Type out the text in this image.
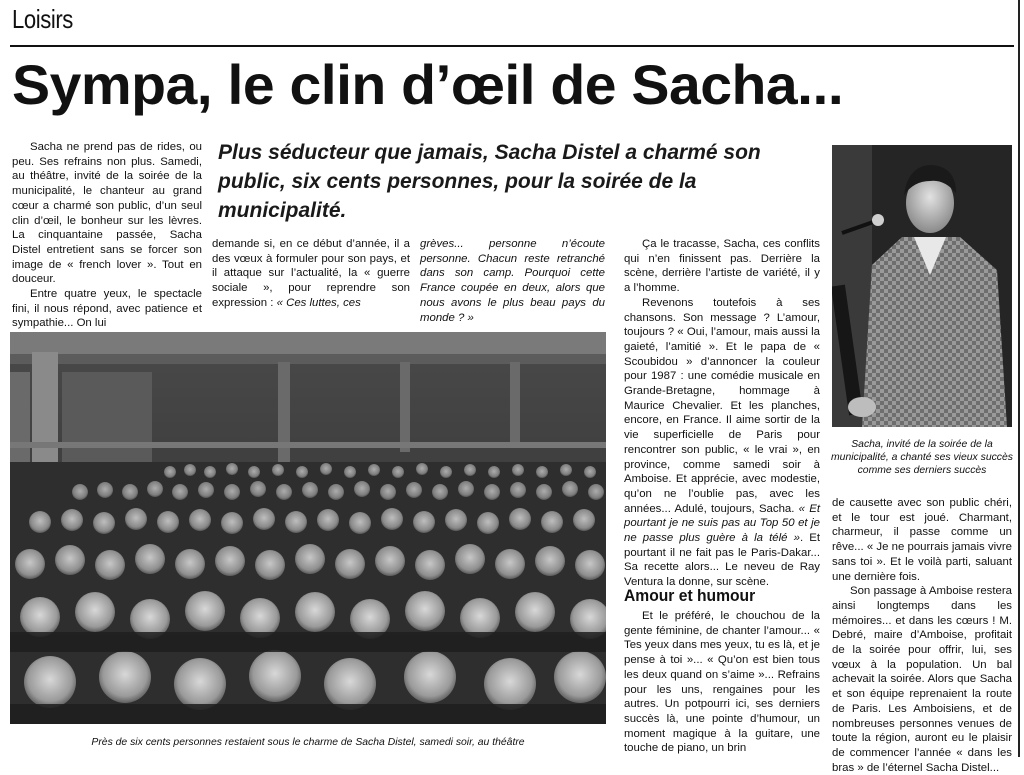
Loisirs
Sympa, le clin d’œil de Sacha...

Sacha ne prend pas de rides, ou peu. Ses refrains non plus. Samedi, au théâtre, invité de la soirée de la municipalité, le chanteur au grand cœur a charmé son public, d’un seul clin d’œil, le bonheur sur les lèvres. La cinquantaine passée, Sacha Distel entretient sans se forcer son image de « french lover ». Tout en douceur.

Entre quatre yeux, le spectacle fini, il nous répond, avec patience et sympathie... On lui

Plus séducteur que jamais, Sacha Distel a charmé son public, six cents personnes, pour la soirée de la municipalité.

demande si, en ce début d’année, il a des vœux à formuler pour son pays, et il attaque sur l’actualité, la « guerre sociale », pour reprendre son expression : « Ces luttes, ces

grèves... personne n’écoute personne. Chacun reste retranché dans son camp. Pourquoi cette France coupée en deux, alors que nous avons le plus beau pays du monde ? »

Près de six cents personnes restaient sous le charme de Sacha Distel, samedi soir, au théâtre

Ça le tracasse, Sacha, ces conflits qui n’en finissent pas. Derrière la scène, derrière l’artiste de variété, il y a l’homme.

Revenons toutefois à ses chansons. Son message ? L’amour, toujours ? « Oui, l’amour, mais aussi la gaieté, l’amitié ». Et le papa de « Scoubidou » d’annoncer la couleur pour 1987 : une comédie musicale en Grande-Bretagne, hommage à Maurice Chevalier. Et les planches, encore, en France. Il aime sortir de la vie superficielle de Paris pour rencontrer son public, « le vrai », en province, comme samedi soir à Amboise. Et apprécie, avec modestie, qu’on ne l’oublie pas, avec les années... Adulé, toujours, Sacha. « Et pourtant je ne suis pas au Top 50 et je ne passe plus guère à la télé ». Et pourtant il ne fait pas le Paris-Dakar... Sa recette alors... Le neveu de Ray Ventura la donne, sur scène.

Amour et humour

Et le préféré, le chouchou de la gente féminine, de chanter l’amour... « Tes yeux dans mes yeux, tu es là, et je pense à toi »... « Qu’on est bien tous les deux quand on s’aime »... Refrains pour les uns, rengaines pour les autres. Un potpourri ici, ses derniers succès là, une pointe d’humour, un moment magique à la guitare, une touche de piano, un brin

Sacha, invité de la soirée de la municipalité, a chanté ses vieux succès comme ses derniers succès

de causette avec son public chéri, et le tour est joué. Charmant, charmeur, il passe comme un rêve... « Je ne pourrais jamais vivre sans toi ». Et le voilà parti, saluant une dernière fois.

Son passage à Amboise restera ainsi longtemps dans les mémoires... et dans les cœurs ! M. Debré, maire d’Amboise, profitait de la soirée pour offrir, lui, ses vœux à la population. Un bal achevait la soirée. Alors que Sacha et son équipe reprenaient la route de Paris. Les Amboisiens, et de nombreuses personnes venues de toute la région, auront eu le plaisir de commencer l’année « dans les bras » de l’éternel Sacha Distel...
